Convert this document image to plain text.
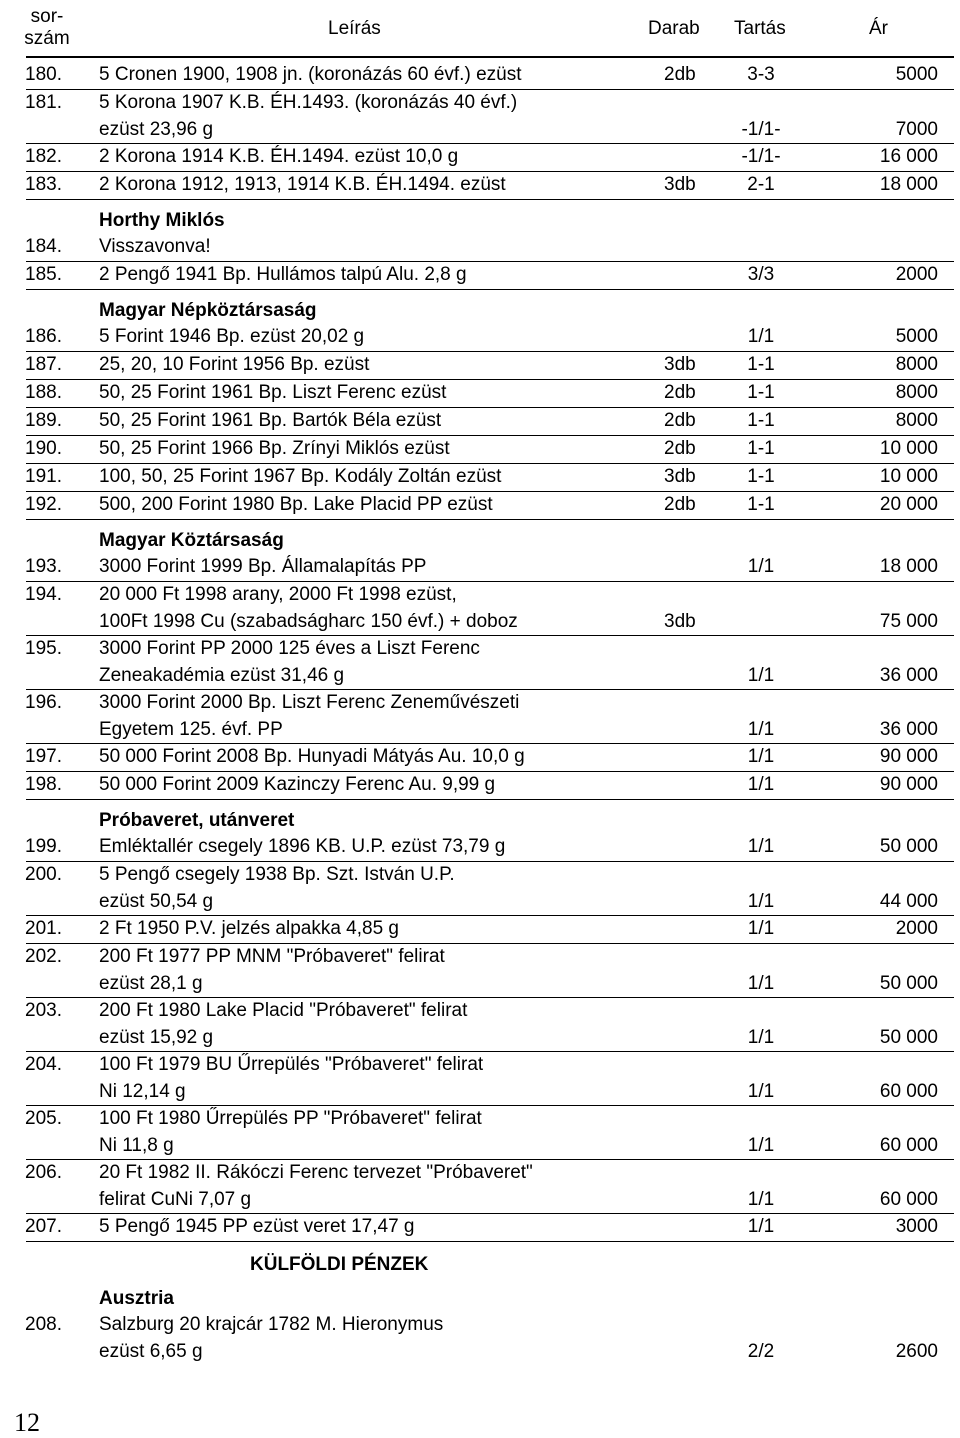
sor-
szám	Leírás	Darab Tartás	Ár
180.	5 Cronen 1900, 1908 jn. (koronázás 60 évf.) ezüst	2db	3-3	5000
181.	5 Korona 1907 K.B. ÉH.1493. (koronázás 40 évf.)
ezüst 23,96 g	-1/1-	7000
182.	2 Korona 1914 K.B. ÉH.1494. ezüst 10,0 g	-1/1-	16 000
183.	2 Korona 1912, 1913, 1914 K.B. ÉH.1494. ezüst	3db	2-1	18 000
Horthy Miklós
184.	Visszavonva!
185.	2 Pengő 1941 Bp. Hullámos talpú Alu. 2,8 g	3/3	2000
Magyar Népköztársaság
186.	5 Forint 1946 Bp. ezüst 20,02 g	1/1	5000
187.	25, 20, 10 Forint 1956 Bp. ezüst	3db	1-1	8000
188.	50, 25 Forint 1961 Bp. Liszt Ferenc ezüst	2db	1-1	8000
189.	50, 25 Forint 1961 Bp. Bartók Béla ezüst	2db	1-1	8000
190.	50, 25 Forint 1966 Bp. Zrínyi Miklós ezüst	2db	1-1	10 000
191.	100, 50, 25 Forint 1967 Bp. Kodály Zoltán ezüst	3db	1-1	10 000
192.	500, 200 Forint 1980 Bp. Lake Placid PP ezüst	2db	1-1	20 000
Magyar Köztársaság
193.	3000 Forint 1999 Bp. Államalapítás PP	1/1	18 000
194.	20 000 Ft 1998 arany, 2000 Ft 1998 ezüst,
100Ft 1998 Cu (szabadságharc 150 évf.) + doboz	3db	75 000
195.	3000 Forint PP 2000 125 éves a Liszt Ferenc
Zeneakadémia ezüst 31,46 g	1/1	36 000
196.	3000 Forint 2000 Bp. Liszt Ferenc Zeneművészeti
Egyetem 125. évf. PP	1/1	36 000
197.	50 000 Forint 2008 Bp. Hunyadi Mátyás Au. 10,0 g	1/1	90 000
198.	50 000 Forint 2009 Kazinczy Ferenc Au. 9,99 g	1/1	90 000
Próbaveret, utánveret
199.	Emléktallér csegely 1896 KB. U.P. ezüst 73,79 g	1/1	50 000
200.	5 Pengő csegely 1938 Bp. Szt. István U.P.
ezüst 50,54 g	1/1	44 000
201.	2 Ft 1950 P.V. jelzés alpakka 4,85 g	1/1	2000
202.	200 Ft 1977 PP MNM "Próbaveret" felirat
ezüst 28,1 g	1/1	50 000
203.	200 Ft 1980 Lake Placid "Próbaveret" felirat
ezüst 15,92 g	1/1	50 000
204.	100 Ft 1979 BU Űrrepülés "Próbaveret" felirat
Ni 12,14 g	1/1	60 000
205.	100 Ft 1980 Űrrepülés PP "Próbaveret" felirat
Ni 11,8 g	1/1	60 000
206.	20 Ft 1982 II. Rákóczi Ferenc tervezet "Próbaveret"
felirat CuNi 7,07 g	1/1	60 000
207.	5 Pengő 1945 PP ezüst veret 17,47 g	1/1	3000
KÜLFÖLDI PÉNZEK
Ausztria
208.	Salzburg 20 krajcár 1782 M. Hieronymus
ezüst 6,65 g	2/2	2600
12
